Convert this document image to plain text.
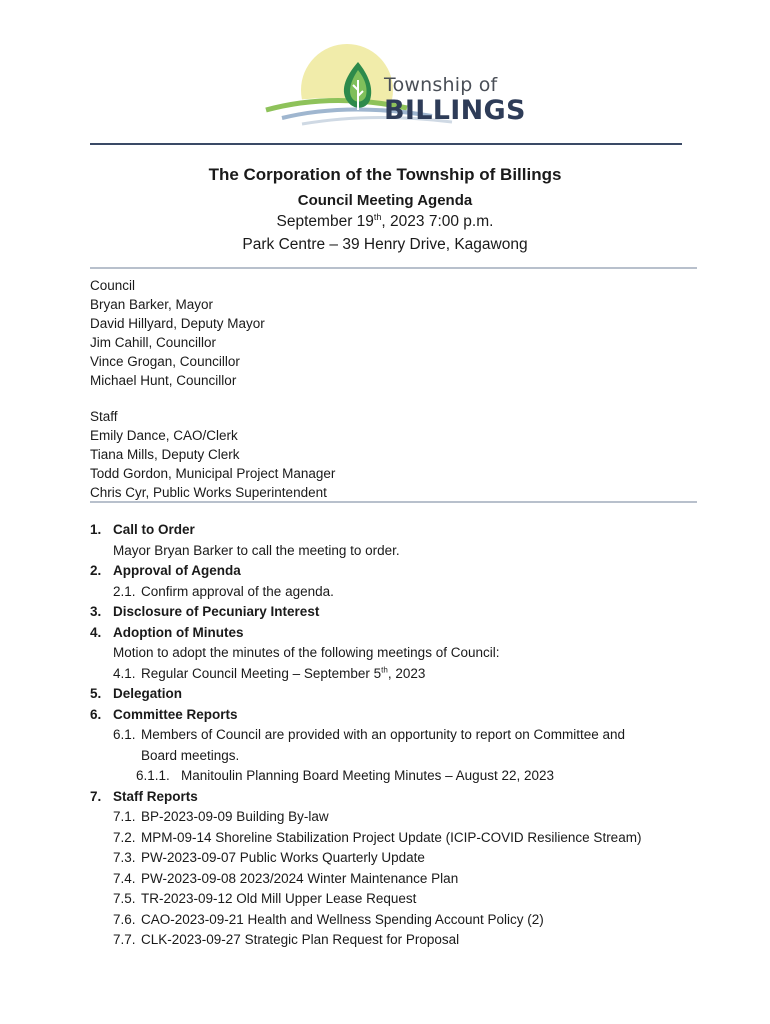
Township of
BILLINGS
The Corporation of the Township of Billings
Council Meeting Agenda
September 19th, 2023 7:00 p.m.
Park Centre – 39 Henry Drive, Kagawong
Council
Bryan Barker, Mayor
David Hillyard, Deputy Mayor
Jim Cahill, Councillor
Vince Grogan, Councillor
Michael Hunt, Councillor
Staff
Emily Dance, CAO/Clerk
Tiana Mills, Deputy Clerk
Todd Gordon, Municipal Project Manager
Chris Cyr, Public Works Superintendent
1. Call to Order
Mayor Bryan Barker to call the meeting to order.
2. Approval of Agenda
2.1. Confirm approval of the agenda.
3. Disclosure of Pecuniary Interest
4. Adoption of Minutes
Motion to adopt the minutes of the following meetings of Council:
4.1. Regular Council Meeting – September 5th, 2023
5. Delegation
6. Committee Reports
6.1. Members of Council are provided with an opportunity to report on Committee and
Board meetings.
6.1.1. Manitoulin Planning Board Meeting Minutes – August 22, 2023
7. Staff Reports
7.1. BP-2023-09-09 Building By-law
7.2. MPM-09-14 Shoreline Stabilization Project Update (ICIP-COVID Resilience Stream)
7.3. PW-2023-09-07 Public Works Quarterly Update
7.4. PW-2023-09-08 2023/2024 Winter Maintenance Plan
7.5. TR-2023-09-12 Old Mill Upper Lease Request
7.6. CAO-2023-09-21 Health and Wellness Spending Account Policy (2)
7.7. CLK-2023-09-27 Strategic Plan Request for Proposal
